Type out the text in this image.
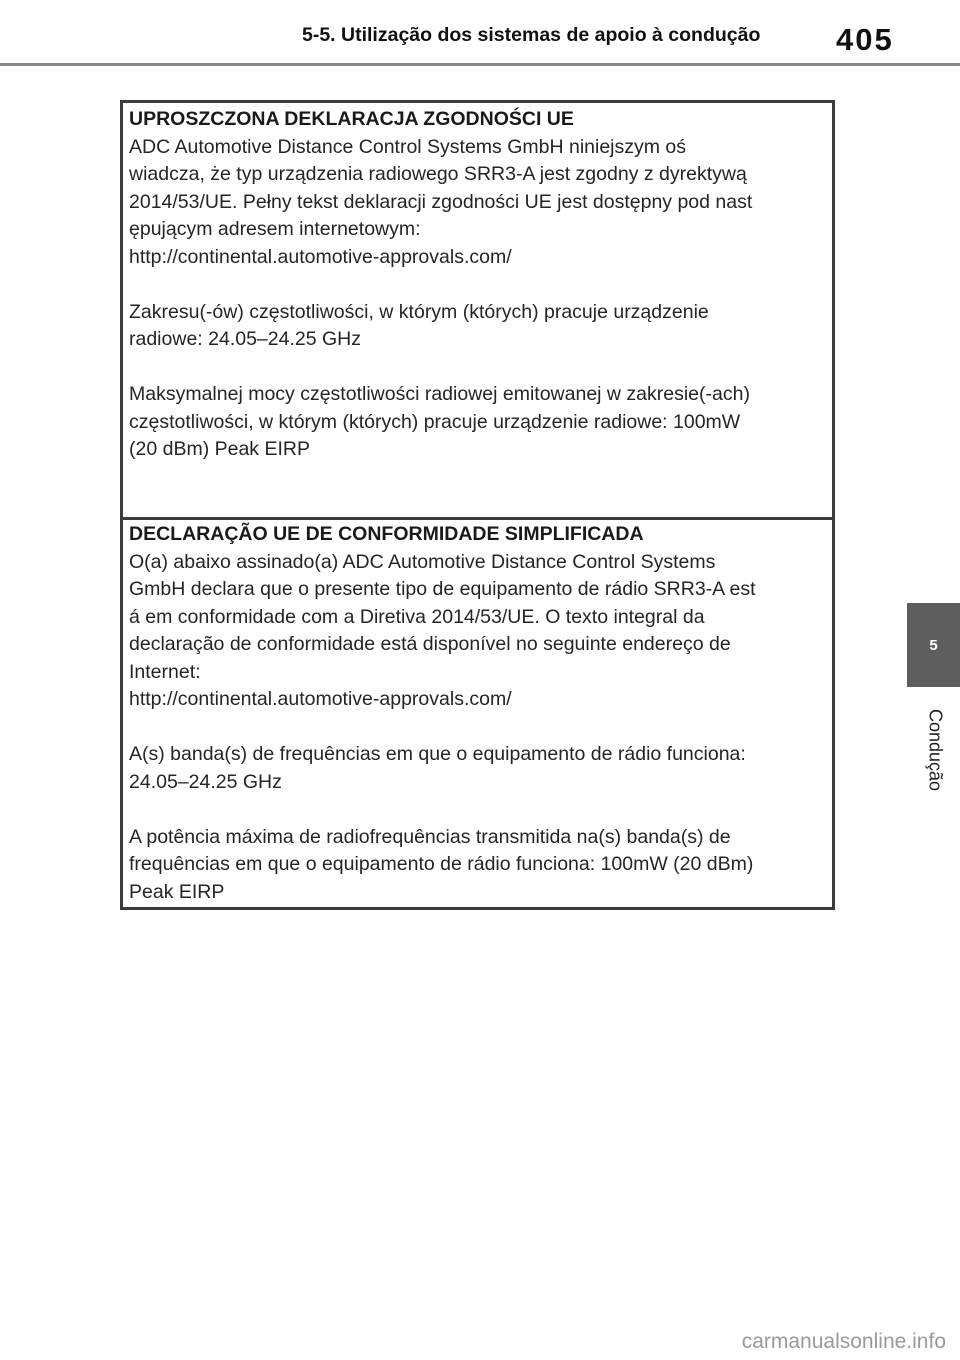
5-5. Utilização dos sistemas de apoio à condução 405
5
Condução
UPROSZCZONA DEKLARACJA ZGODNOŚCI UE
ADC Automotive Distance Control Systems GmbH niniejszym oś
wiadcza, że typ urządzenia radiowego SRR3-A jest zgodny z dyrektywą
2014/53/UE. Pełny tekst deklaracji zgodności UE jest dostępny pod nast
ępującym adresem internetowym:
http://continental.automotive-approvals.com/
Zakresu(-ów) częstotliwości, w którym (których) pracuje urządzenie
radiowe: 24.05–24.25 GHz
Maksymalnej mocy częstotliwości radiowej emitowanej w zakresie(-ach)
częstotliwości, w którym (których) pracuje urządzenie radiowe: 100mW
(20 dBm) Peak EIRP
DECLARAÇÃO UE DE CONFORMIDADE SIMPLIFICADA
O(a) abaixo assinado(a) ADC Automotive Distance Control Systems
GmbH declara que o presente tipo de equipamento de rádio SRR3-A est
á em conformidade com a Diretiva 2014/53/UE. O texto integral da
declaração de conformidade está disponível no seguinte endereço de
Internet:
http://continental.automotive-approvals.com/
A(s) banda(s) de frequências em que o equipamento de rádio funciona:
24.05–24.25 GHz
A potência máxima de radiofrequências transmitida na(s) banda(s) de
frequências em que o equipamento de rádio funciona: 100mW (20 dBm)
Peak EIRP
carmanualsonline.info
